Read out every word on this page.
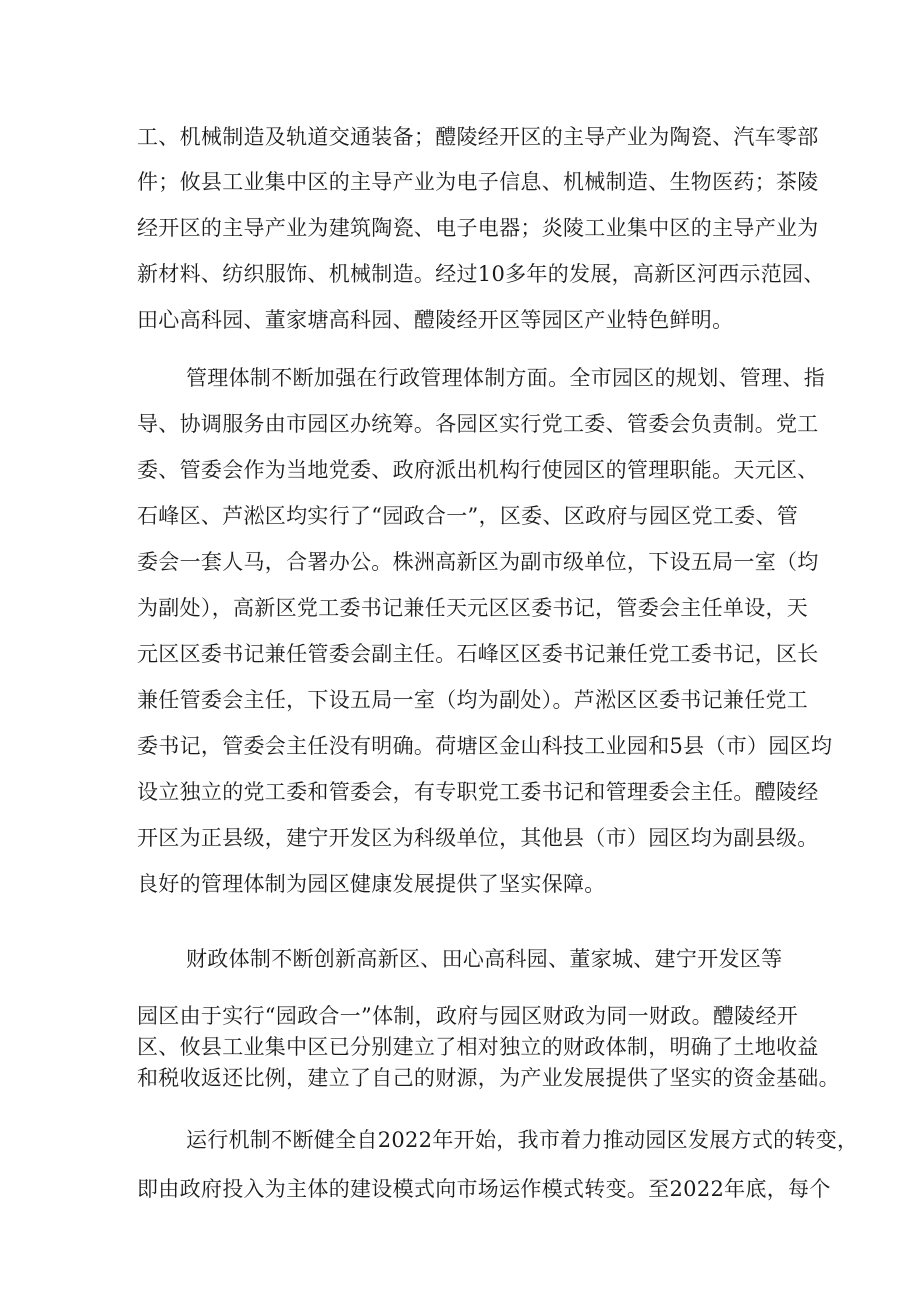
工、机械制造及轨道交通装备；醴陵经开区的主导产业为陶瓷、汽车零部
件；攸县工业集中区的主导产业为电子信息、机械制造、生物医药；茶陵
经开区的主导产业为建筑陶瓷、电子电器；炎陵工业集中区的主导产业为
新材料、纺织服饰、机械制造。经过10多年的发展，高新区河西示范园、
田心高科园、董家塘高科园、醴陵经开区等园区产业特色鲜明。
管理体制不断加强在行政管理体制方面。全市园区的规划、管理、指
导、协调服务由市园区办统筹。各园区实行党工委、管委会负责制。党工
委、管委会作为当地党委、政府派出机构行使园区的管理职能。天元区、
石峰区、芦淞区均实行了“园政合一”，区委、区政府与园区党工委、管
委会一套人马，合署办公。株洲高新区为副市级单位，下设五局一室（均
为副处），高新区党工委书记兼任天元区区委书记，管委会主任单设，天
元区区委书记兼任管委会副主任。石峰区区委书记兼任党工委书记，区长
兼任管委会主任，下设五局一室（均为副处）。芦淞区区委书记兼任党工
委书记，管委会主任没有明确。荷塘区金山科技工业园和5县（市）园区均
设立独立的党工委和管委会，有专职党工委书记和管理委会主任。醴陵经
开区为正县级，建宁开发区为科级单位，其他县（市）园区均为副县级。
良好的管理体制为园区健康发展提供了坚实保障。
财政体制不断创新高新区、田心高科园、董家城、建宁开发区等
园区由于实行“园政合一”体制，政府与园区财政为同一财政。醴陵经开
区、攸县工业集中区已分别建立了相对独立的财政体制，明确了土地收益
和税收返还比例，建立了自己的财源，为产业发展提供了坚实的资金基础。
运行机制不断健全自2022年开始，我市着力推动园区发展方式的转变，
即由政府投入为主体的建设模式向市场运作模式转变。至2022年底，每个
